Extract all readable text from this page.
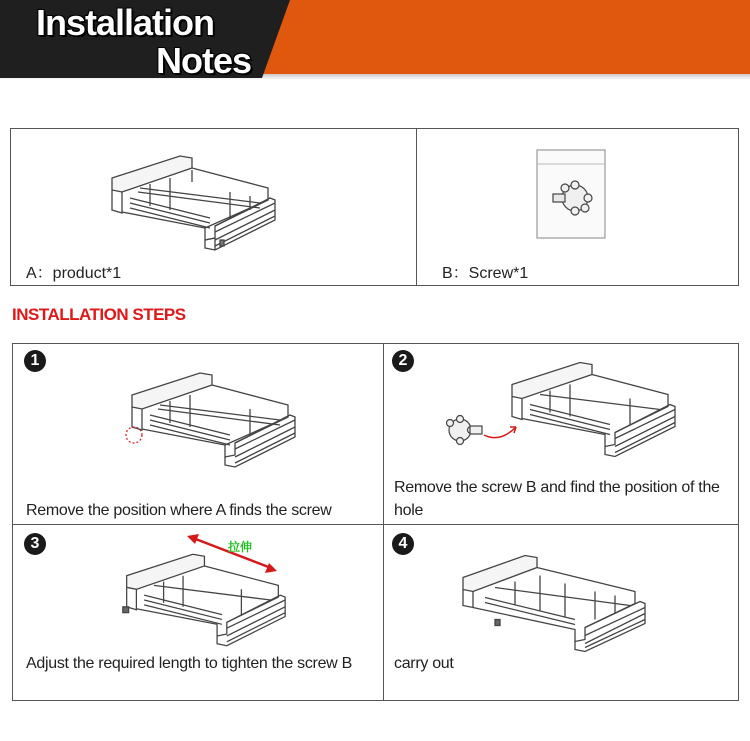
Installation
Notes
A：product*1	B：Screw*1
INSTALLATION STEPS
1
Remove the position where A finds the screw
2
Remove the screw B and find the position of the hole
3	拉伸
Adjust the required length to tighten the screw B
4
carry out
